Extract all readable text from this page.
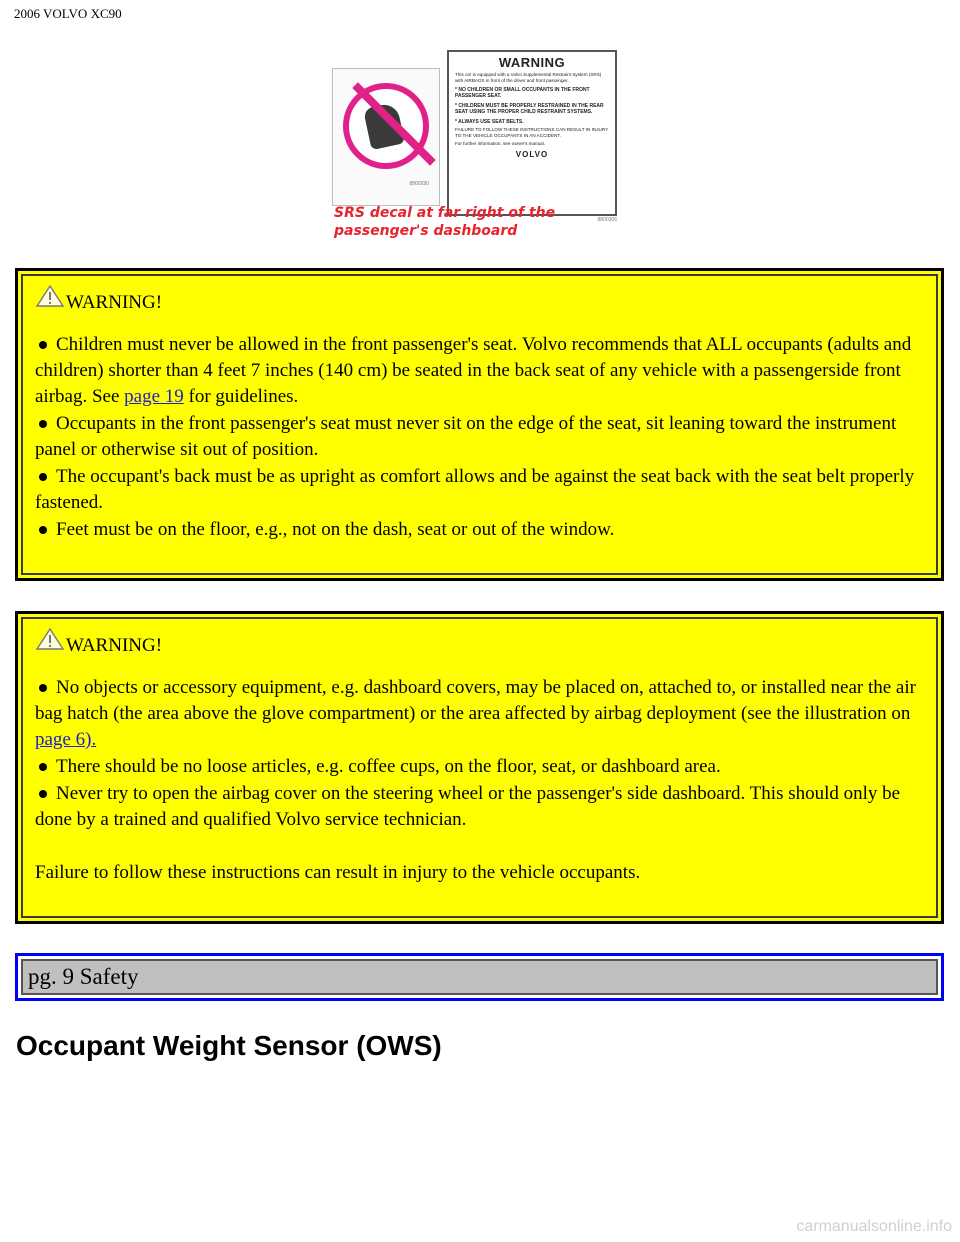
2006 VOLVO XC90
8800290
WARNING
This car is equipped with a Volvo Supplemental Restraint System (SRS) with AIRBAGS in front of the driver and front passenger.
* NO CHILDREN OR SMALL OCCUPANTS IN THE FRONT PASSENGER SEAT.
* CHILDREN MUST BE PROPERLY RESTRAINED IN THE REAR SEAT USING THE PROPER CHILD RESTRAINT SYSTEMS.
* ALWAYS USE SEAT BELTS.
FAILURE TO FOLLOW THESE INSTRUCTIONS CAN RESULT IN INJURY TO THE VEHICLE OCCUPANTS IN AN ACCIDENT.
For further information, see owner's manual.
VOLVO
8800306
SRS decal at far right of the passenger's dashboard
WARNING!
Children must never be allowed in the front passenger's seat. Volvo recommends that ALL occupants (adults and children) shorter than 4 feet 7 inches (140 cm) be seated in the back seat of any vehicle with a passengerside front airbag. See page 19 for guidelines.
Occupants in the front passenger's seat must never sit on the edge of the seat, sit leaning toward the instrument panel or otherwise sit out of position.
The occupant's back must be as upright as comfort allows and be against the seat back with the seat belt properly fastened.
Feet must be on the floor, e.g., not on the dash, seat or out of the window.
WARNING!
No objects or accessory equipment, e.g. dashboard covers, may be placed on, attached to, or installed near the air bag hatch (the area above the glove compartment) or the area affected by airbag deployment (see the illustration on page 6).
There should be no loose articles, e.g. coffee cups, on the floor, seat, or dashboard area.
Never try to open the airbag cover on the steering wheel or the passenger's side dashboard. This should only be done by a trained and qualified Volvo service technician.
Failure to follow these instructions can result in injury to the vehicle occupants.
pg. 9 Safety
Occupant Weight Sensor (OWS)
carmanualsonline.info
